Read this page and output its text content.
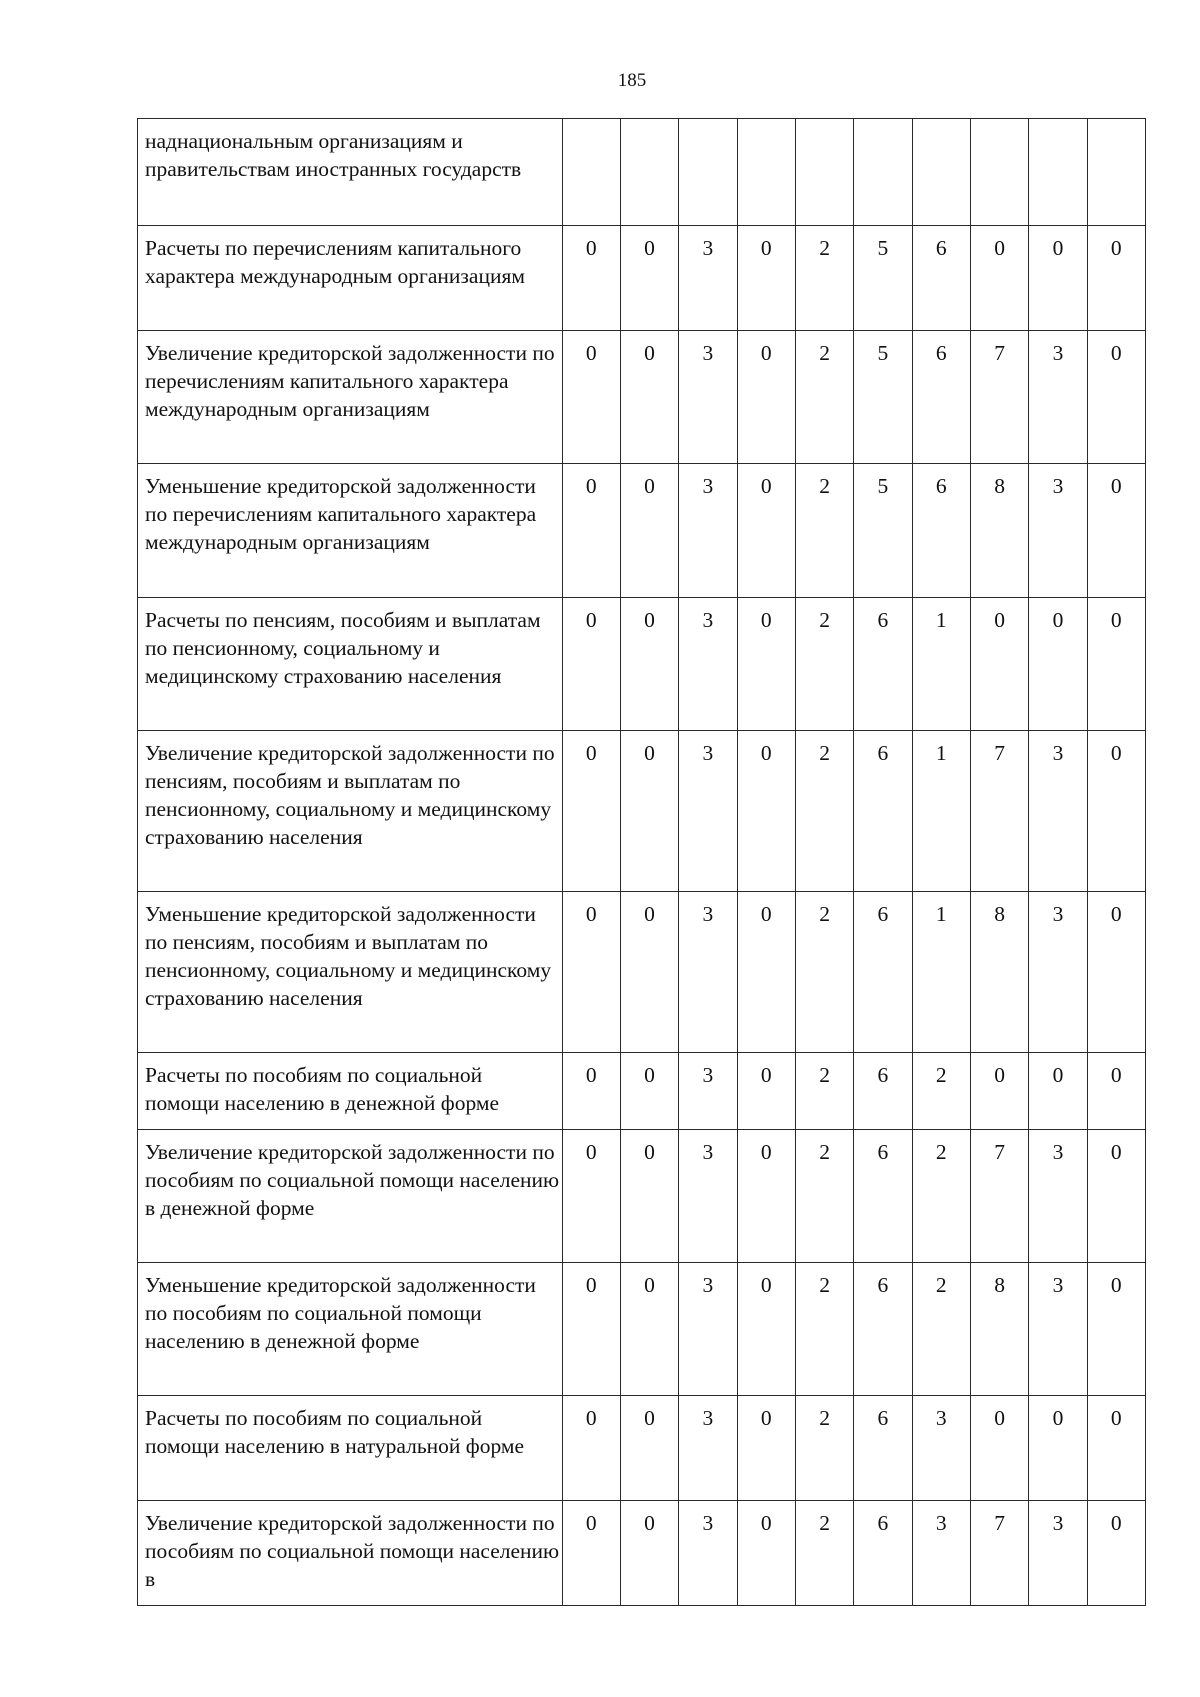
185
наднациональным организациям и правительствам иностранных государств										
Расчеты по перечислениям капитального характера международным организациям	0	0	3	0	2	5	6	0	0	0
Увеличение кредиторской задолженности по перечислениям капитального характера международным организациям	0	0	3	0	2	5	6	7	3	0
Уменьшение кредиторской задолженности по перечислениям капитального характера международным организациям	0	0	3	0	2	5	6	8	3	0
Расчеты по пенсиям, пособиям и выплатам по пенсионному, социальному и медицинскому страхованию населения	0	0	3	0	2	6	1	0	0	0
Увеличение кредиторской задолженности по пенсиям, пособиям и выплатам по пенсионному, социальному и медицинскому страхованию населения	0	0	3	0	2	6	1	7	3	0
Уменьшение кредиторской задолженности по пенсиям, пособиям и выплатам по пенсионному, социальному и медицинскому страхованию населения	0	0	3	0	2	6	1	8	3	0
Расчеты по пособиям по социальной помощи населению в денежной форме	0	0	3	0	2	6	2	0	0	0
Увеличение кредиторской задолженности по пособиям по социальной помощи населению в денежной форме	0	0	3	0	2	6	2	7	3	0
Уменьшение кредиторской задолженности по пособиям по социальной помощи населению в денежной форме	0	0	3	0	2	6	2	8	3	0
Расчеты по пособиям по социальной помощи населению в натуральной форме	0	0	3	0	2	6	3	0	0	0
Увеличение кредиторской задолженности по пособиям по социальной помощи населению в	0	0	3	0	2	6	3	7	3	0
